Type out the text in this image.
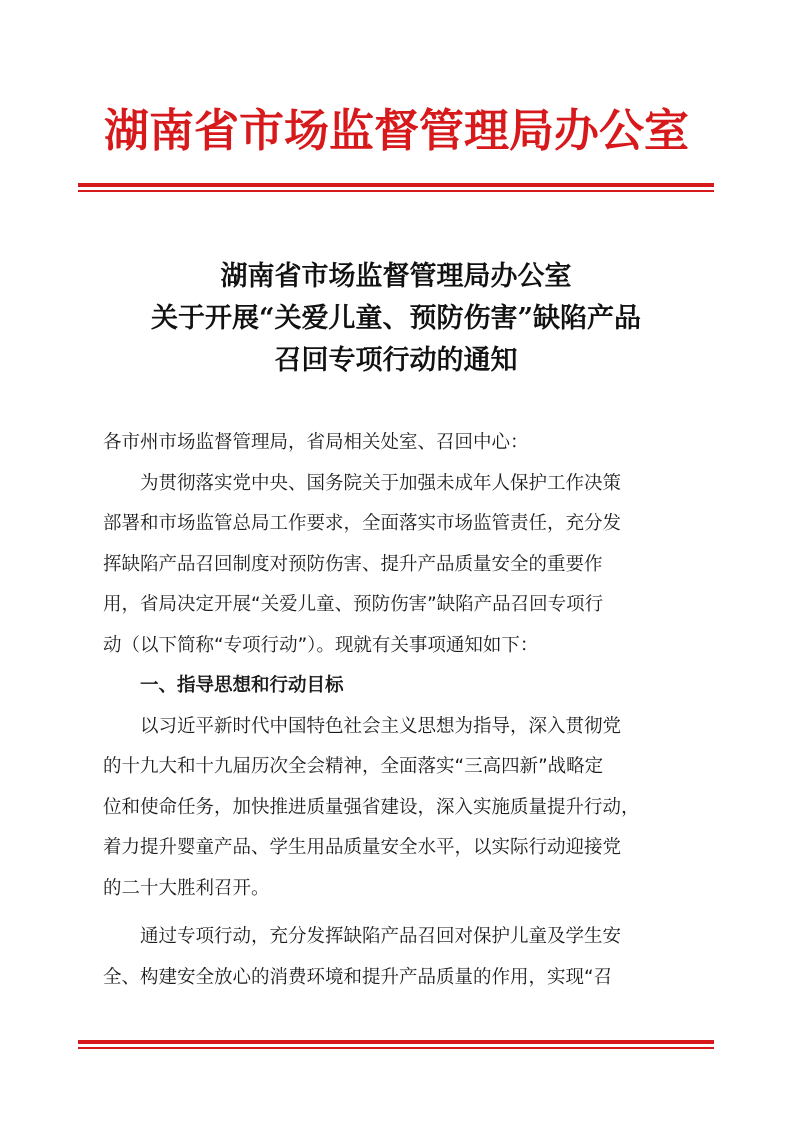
湖南省市场监督管理局办公室
湖南省市场监督管理局办公室
关于开展“关爱儿童、预防伤害”缺陷产品
召回专项行动的通知

各市州市场监督管理局，省局相关处室、召回中心：

为贯彻落实党中央、国务院关于加强未成年人保护工作决策
部署和市场监管总局工作要求，全面落实市场监管责任，充分发
挥缺陷产品召回制度对预防伤害、提升产品质量安全的重要作
用，省局决定开展“关爱儿童、预防伤害”缺陷产品召回专项行
动（以下简称“专项行动”）。现就有关事项通知如下：

一、指导思想和行动目标

以习近平新时代中国特色社会主义思想为指导，深入贯彻党
的十九大和十九届历次全会精神，全面落实“三高四新”战略定
位和使命任务，加快推进质量强省建设，深入实施质量提升行动，
着力提升婴童产品、学生用品质量安全水平，以实际行动迎接党
的二十大胜利召开。

通过专项行动，充分发挥缺陷产品召回对保护儿童及学生安
全、构建安全放心的消费环境和提升产品质量的作用，实现“召
